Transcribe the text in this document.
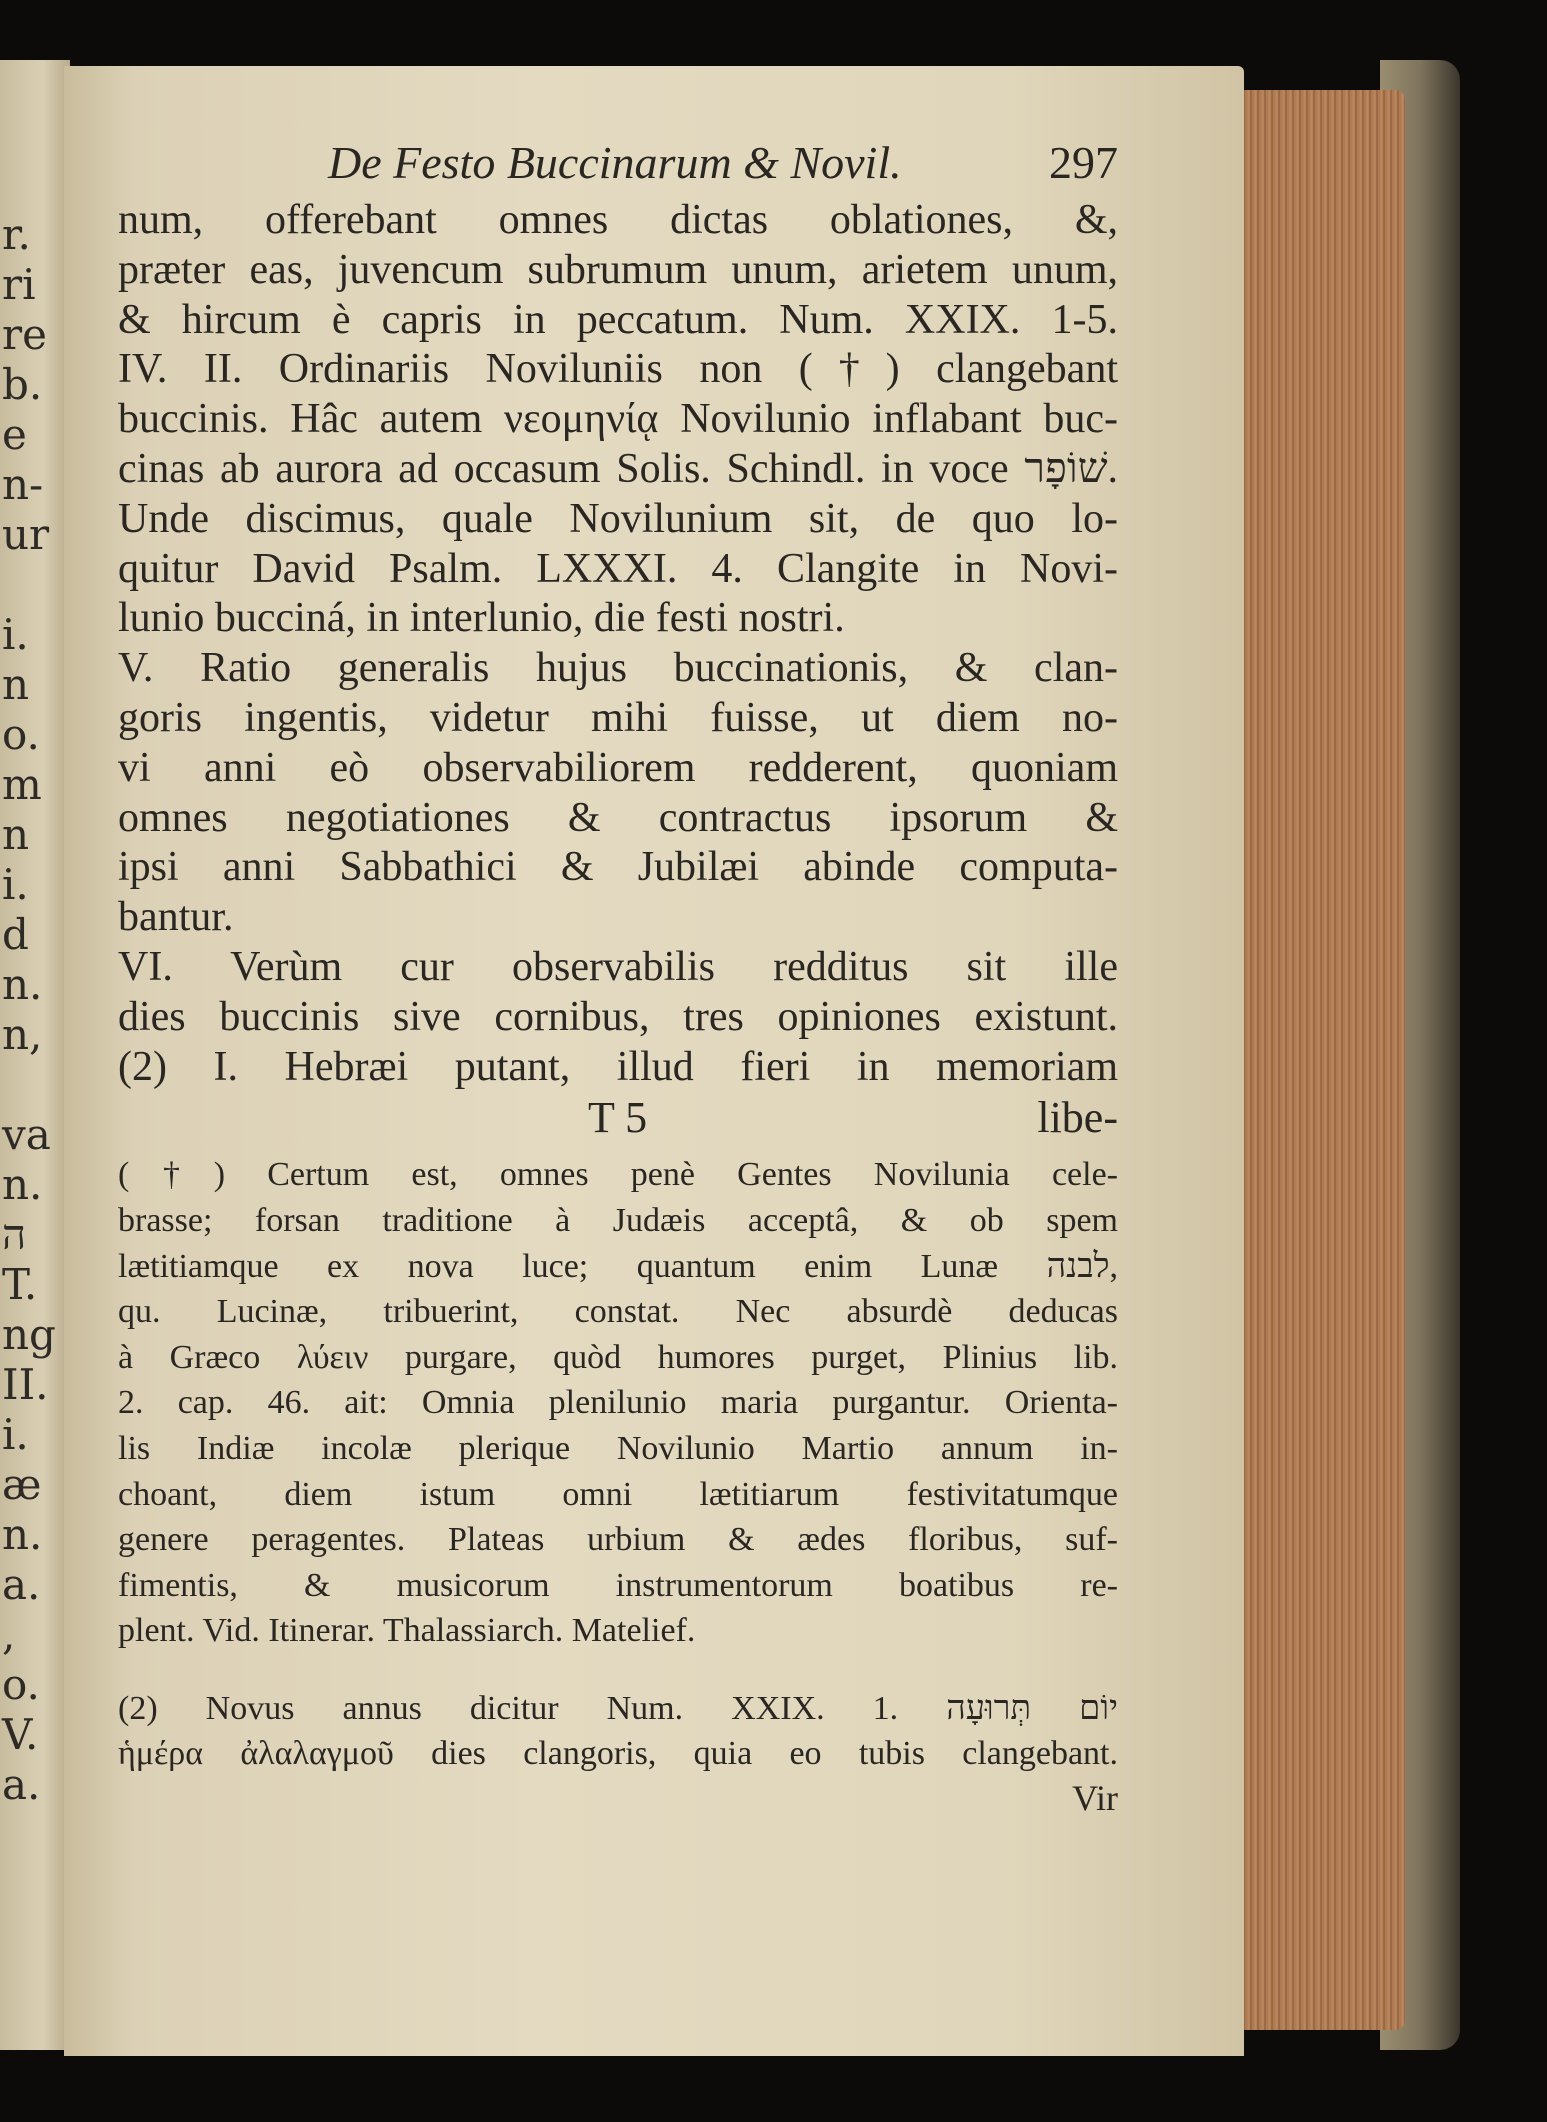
r.
ri
re
b.
e
n-
ur

i.
n
o.
m
n
i.
d
n.
n,

va
n.
ה
T.
ng
II.
i.
æ
n.
a.
,
o.
V.
a.
De Festo Buccinarum & Novil.	297
num, offerebant omnes dictas oblationes, &,
præter eas, juvencum subrumum unum, arietem unum,
& hircum è capris in peccatum. Num. XXIX. 1-5.
IV. II. Ordinariis Noviluniis non (†) clangebant
buccinis. Hâc autem νεομηνίᾳ Novilunio inflabant buc-
cinas ab aurora ad occasum Solis. Schindl. in voce שׁוֹפָר.
Unde discimus, quale Novilunium sit, de quo lo-
quitur David Psalm. LXXXI. 4. Clangite in Novi-
lunio bucciná, in interlunio, die festi nostri.
V. Ratio generalis hujus buccinationis, & clan-
goris ingentis, videtur mihi fuisse, ut diem no-
vi anni eò observabiliorem redderent, quoniam
omnes negotiationes & contractus ipsorum &
ipsi anni Sabbathici & Jubilæi abinde computa-
bantur.
VI. Verùm cur observabilis redditus sit ille
dies buccinis sive cornibus, tres opiniones existunt.
(2) I. Hebræi putant, illud fieri in memoriam
T 5	libe-
(†) Certum est, omnes penè Gentes Novilunia cele-
brasse; forsan traditione à Judæis acceptâ, & ob spem
lætitiamque ex nova luce; quantum enim Lunæ לבנה,
qu. Lucinæ, tribuerint, constat. Nec absurdè deducas
à Græco λύειν purgare, quòd humores purget, Plinius lib.
2. cap. 46. ait: Omnia plenilunio maria purgantur. Orienta-
lis Indiæ incolæ plerique Novilunio Martio annum in-
choant, diem istum omni lætitiarum festivitatumque
genere peragentes. Plateas urbium & ædes floribus, suf-
fimentis, & musicorum instrumentorum boatibus re-
plent. Vid. Itinerar. Thalassiarch. Matelief.
(2) Novus annus dicitur Num. XXIX. 1. יוֹם תְּרוּעָה
ἡμέρα ἀλαλαγμοῦ dies clangoris, quia eo tubis clangebant.
Vir
